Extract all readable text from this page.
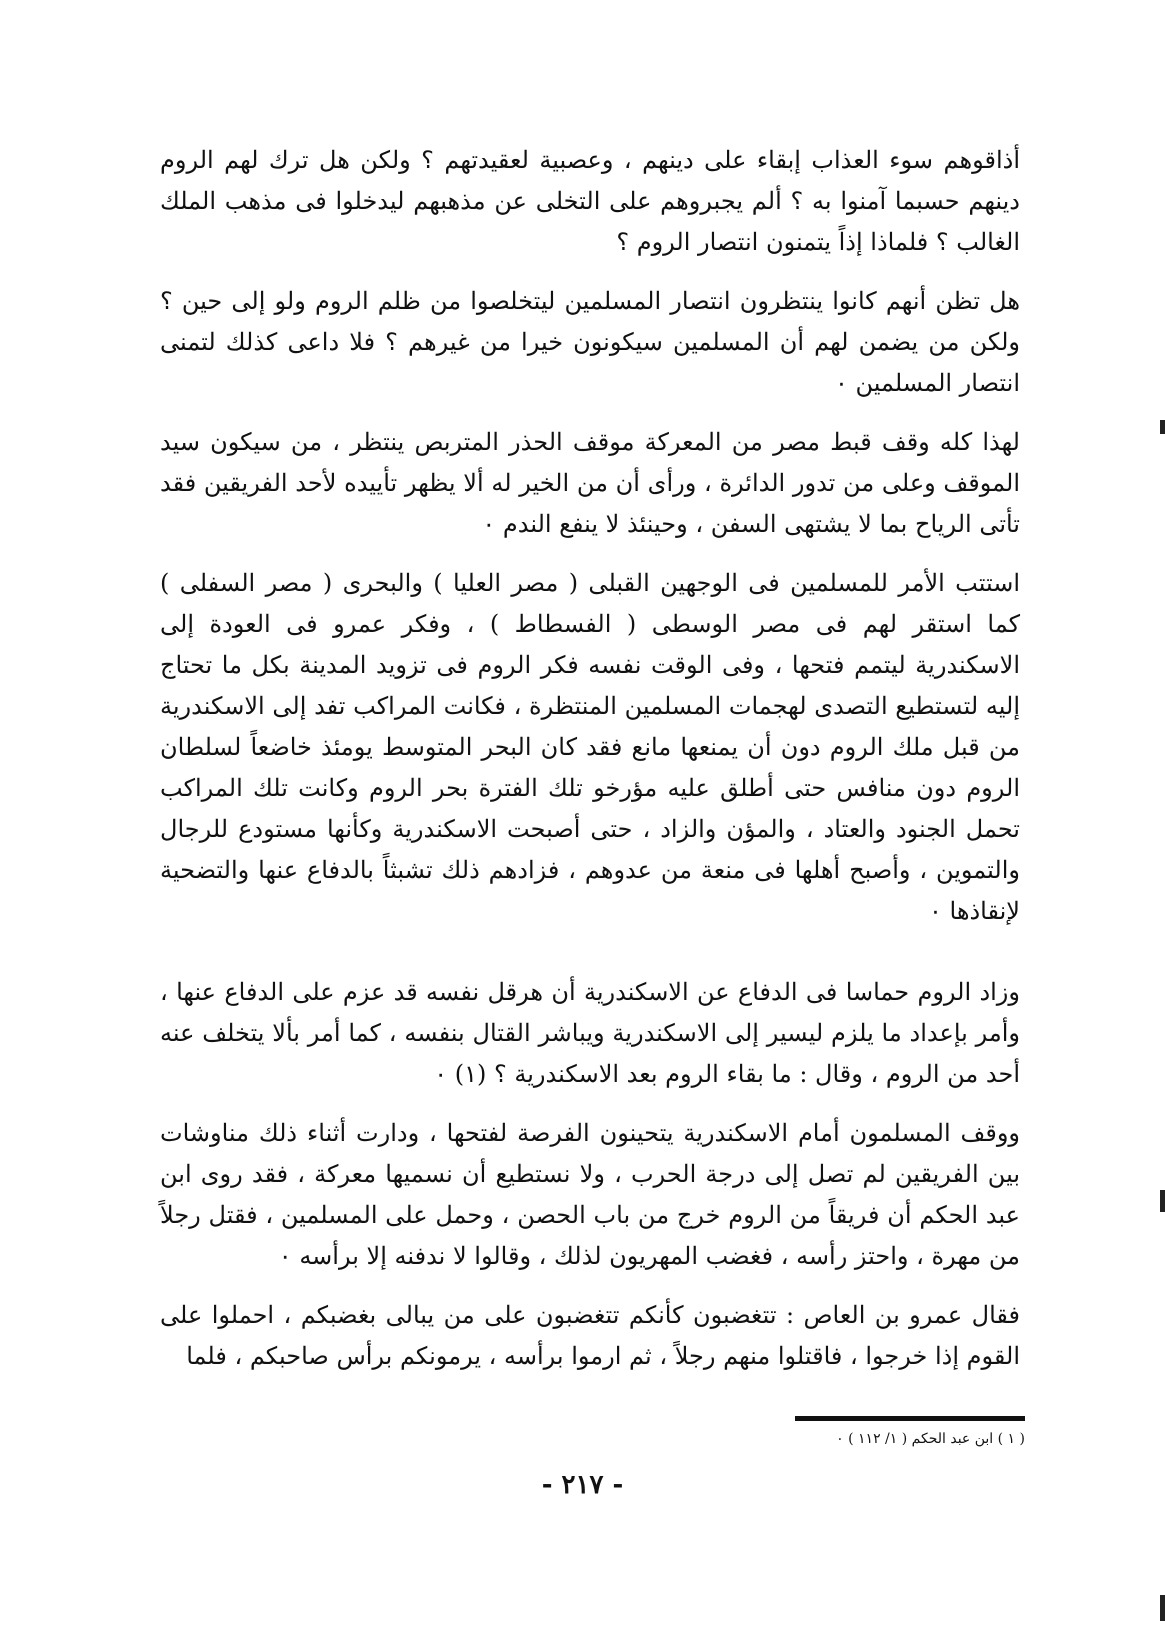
أذاقوهم سوء العذاب إبقاء على دينهم ، وعصبية لعقيدتهم ؟ ولكن هل ترك لهم الروم دينهم حسبما آمنوا به ؟ ألم يجبروهم على التخلى عن مذهبهم ليدخلوا فى مذهب الملك الغالب ؟ فلماذا إذاً يتمنون انتصار الروم ؟

هل تظن أنهم كانوا ينتظرون انتصار المسلمين ليتخلصوا من ظلم الروم ولو إلى حين ؟ ولكن من يضمن لهم أن المسلمين سيكونون خيرا من غيرهم ؟ فلا داعى كذلك لتمنى انتصار المسلمين ٠

لهذا كله وقف قبط مصر من المعركة موقف الحذر المتربص ينتظر ، من سيكون سيد الموقف وعلى من تدور الدائرة ، ورأى أن من الخير له ألا يظهر تأييده لأحد الفريقين فقد تأتى الرياح بما لا يشتهى السفن ، وحينئذ لا ينفع الندم ٠

استتب الأمر للمسلمين فى الوجهين القبلى ( مصر العليا ) والبحرى ( مصر السفلى ) كما استقر لهم فى مصر الوسطى ( الفسطاط ) ، وفكر عمرو فى العودة إلى الاسكندرية ليتمم فتحها ، وفى الوقت نفسه فكر الروم فى تزويد المدينة بكل ما تحتاج إليه لتستطيع التصدى لهجمات المسلمين المنتظرة ، فكانت المراكب تفد إلى الاسكندرية من قبل ملك الروم دون أن يمنعها مانع فقد كان البحر المتوسط يومئذ خاضعاً لسلطان الروم دون منافس حتى أطلق عليه مؤرخو تلك الفترة بحر الروم وكانت تلك المراكب تحمل الجنود والعتاد ، والمؤن والزاد ، حتى أصبحت الاسكندرية وكأنها مستودع للرجال والتموين ، وأصبح أهلها فى منعة من عدوهم ، فزادهم ذلك تشبثاً بالدفاع عنها والتضحية لإنقاذها ٠

وزاد الروم حماسا فى الدفاع عن الاسكندرية أن هرقل نفسه قد عزم على الدفاع عنها ، وأمر بإعداد ما يلزم ليسير إلى الاسكندرية ويباشر القتال بنفسه ، كما أمر بألا يتخلف عنه أحد من الروم ، وقال : ما بقاء الروم بعد الاسكندرية ؟ (١) ٠

ووقف المسلمون أمام الاسكندرية يتحينون الفرصة لفتحها ، ودارت أثناء ذلك مناوشات بين الفريقين لم تصل إلى درجة الحرب ، ولا نستطيع أن نسميها معركة ، فقد روى ابن عبد الحكم أن فريقاً من الروم خرج من باب الحصن ، وحمل على المسلمين ، فقتل رجلاً من مهرة ، واحتز رأسه ، فغضب المهريون لذلك ، وقالوا لا ندفنه إلا برأسه ٠

فقال عمرو بن العاص : تتغضبون كأنكم تتغضبون على من يبالى بغضبكم ، احملوا على القوم إذا خرجوا ، فاقتلوا منهم رجلاً ، ثم ارموا برأسه ، يرمونكم برأس صاحبكم ، فلما

( ١ ) ابن عبد الحكم ( ١/ ١١٢ ) ٠
- ٢١٧ -
